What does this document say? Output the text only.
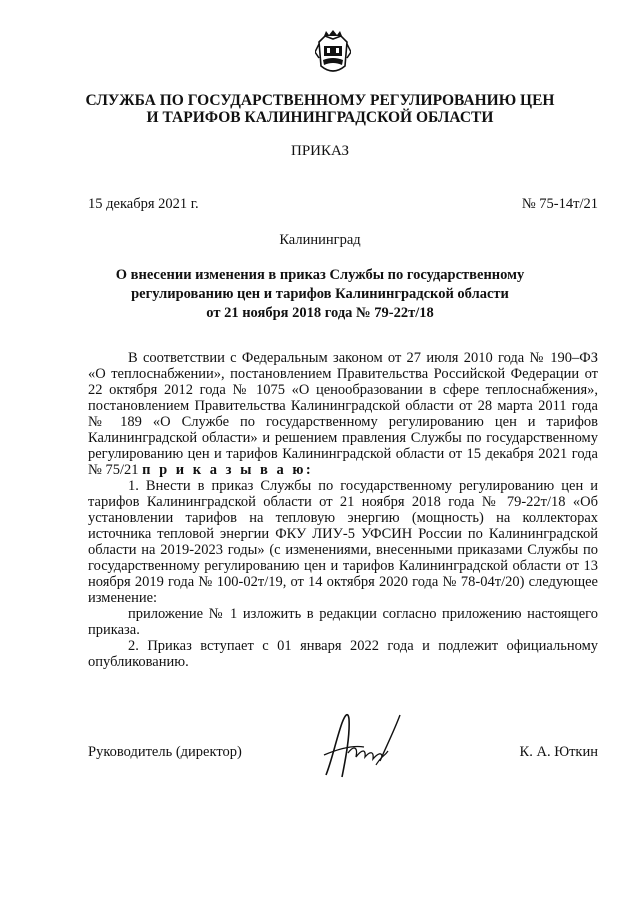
СЛУЖБА ПО ГОСУДАРСТВЕННОМУ РЕГУЛИРОВАНИЮ ЦЕН
И ТАРИФОВ КАЛИНИНГРАДСКОЙ ОБЛАСТИ
ПРИКАЗ
15 декабря 2021 г.	№ 75-14т/21
Калининград
О внесении изменения в приказ Службы по государственному
регулированию цен и тарифов Калининградской области
от 21 ноября 2018 года № 79-22т/18

В соответствии с Федеральным законом от 27 июля 2010 года № 190–ФЗ «О теплоснабжении», постановлением Правительства Российской Федерации от 22 октября 2012 года № 1075 «О ценообразовании в сфере теплоснабжения», постановлением Правительства Калининградской области от 28 марта 2011 года № 189 «О Службе по государственному регулированию цен и тарифов Калининградской области» и решением правления Службы по государственному регулированию цен и тарифов Калининградской области от 15 декабря 2021 года № 75/21 п р и к а з ы в а ю:

1. Внести в приказ Службы по государственному регулированию цен и тарифов Калининградской области от 21 ноября 2018 года № 79-22т/18 «Об установлении тарифов на тепловую энергию (мощность) на коллекторах источника тепловой энергии ФКУ ЛИУ-5 УФСИН России по Калининградской области на 2019-2023 годы» (с изменениями, внесенными приказами Службы по государственному регулированию цен и тарифов Калининградской области от 13 ноября 2019 года № 100-02т/19, от 14 октября 2020 года № 78-04т/20) следующее изменение:

приложение № 1 изложить в редакции согласно приложению настоящего приказа.

2. Приказ вступает с 01 января 2022 года и подлежит официальному опубликованию.

Руководитель (директор)	К. А. Юткин
